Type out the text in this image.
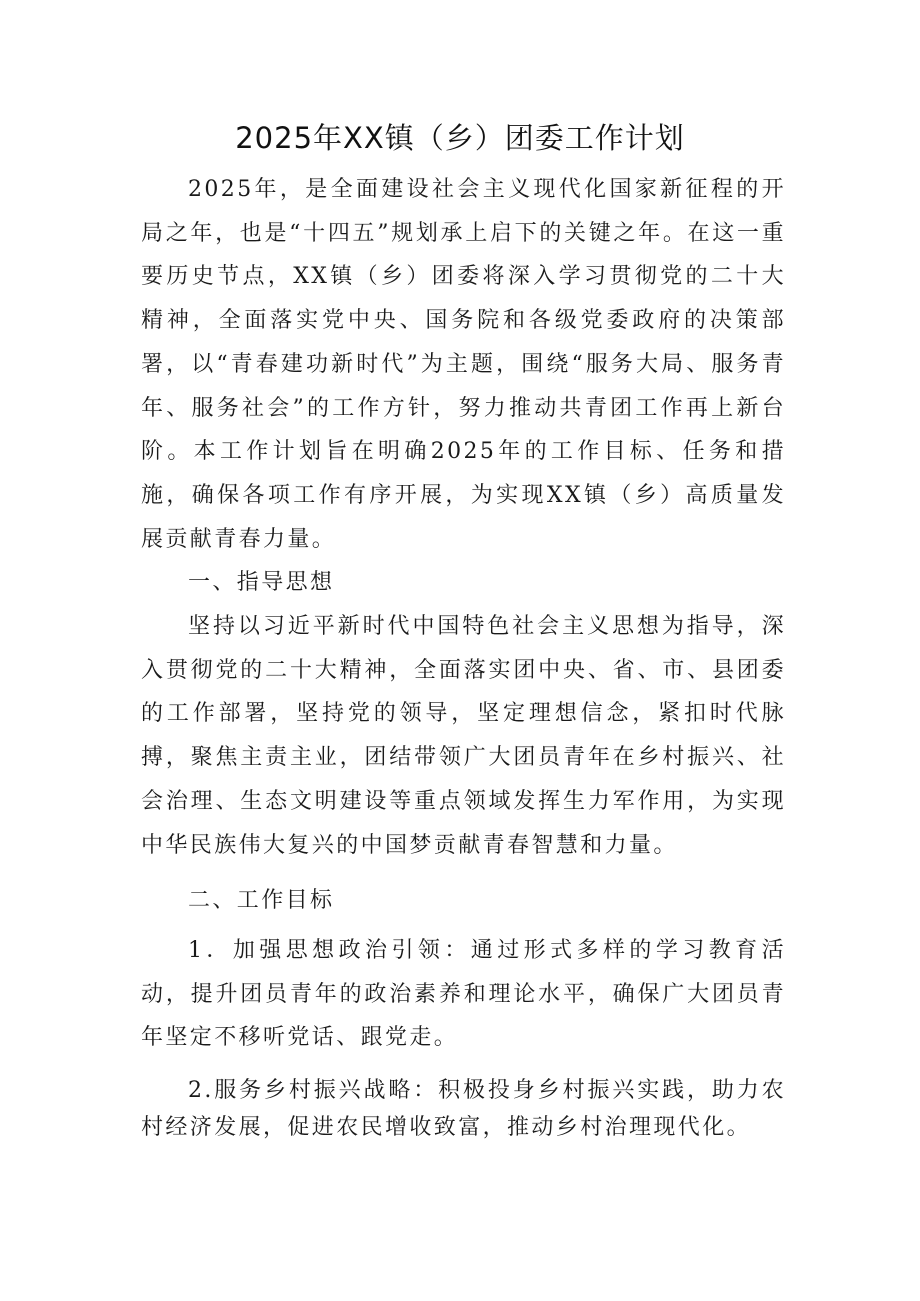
2025年XX镇（乡）团委工作计划

2025年，是全面建设社会主义现代化国家新征程的开局之年，也是“十四五”规划承上启下的关键之年。在这一重要历史节点，XX镇（乡）团委将深入学习贯彻党的二十大精神，全面落实党中央、国务院和各级党委政府的决策部署，以“青春建功新时代”为主题，围绕“服务大局、服务青年、服务社会”的工作方针，努力推动共青团工作再上新台阶。本工作计划旨在明确2025年的工作目标、任务和措施，确保各项工作有序开展，为实现XX镇（乡）高质量发展贡献青春力量。

一、指导思想

坚持以习近平新时代中国特色社会主义思想为指导，深入贯彻党的二十大精神，全面落实团中央、省、市、县团委的工作部署，坚持党的领导，坚定理想信念，紧扣时代脉搏，聚焦主责主业，团结带领广大团员青年在乡村振兴、社会治理、生态文明建设等重点领域发挥生力军作用，为实现中华民族伟大复兴的中国梦贡献青春智慧和力量。

二、工作目标

1．加强思想政治引领：通过形式多样的学习教育活动，提升团员青年的政治素养和理论水平，确保广大团员青年坚定不移听党话、跟党走。

2.服务乡村振兴战略：积极投身乡村振兴实践，助力农村经济发展，促进农民增收致富，推动乡村治理现代化。
